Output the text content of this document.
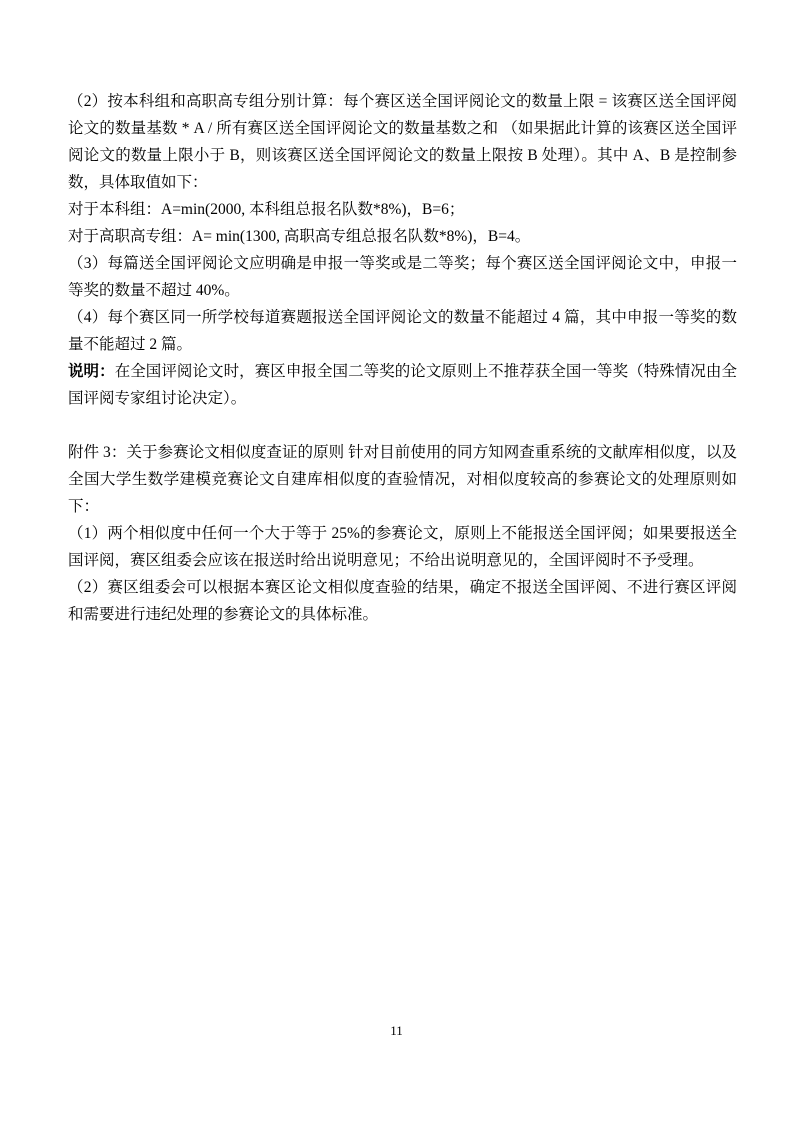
（2）按本科组和高职高专组分别计算：每个赛区送全国评阅论文的数量上限 = 该赛区送全国评阅论文的数量基数 * A / 所有赛区送全国评阅论文的数量基数之和 （如果据此计算的该赛区送全国评阅论文的数量上限小于 B，则该赛区送全国评阅论文的数量上限按 B 处理）。其中 A、B 是控制参数，具体取值如下：

对于本科组：A=min(2000, 本科组总报名队数*8%)，B=6；

对于高职高专组：A= min(1300, 高职高专组总报名队数*8%)，B=4。

（3）每篇送全国评阅论文应明确是申报一等奖或是二等奖；每个赛区送全国评阅论文中，申报一等奖的数量不超过 40%。

（4）每个赛区同一所学校每道赛题报送全国评阅论文的数量不能超过 4 篇，其中申报一等奖的数量不能超过 2 篇。

说明：在全国评阅论文时，赛区申报全国二等奖的论文原则上不推荐获全国一等奖（特殊情况由全国评阅专家组讨论决定）。

附件 3：关于参赛论文相似度查证的原则 针对目前使用的同方知网查重系统的文献库相似度，以及全国大学生数学建模竞赛论文自建库相似度的查验情况，对相似度较高的参赛论文的处理原则如下：

（1）两个相似度中任何一个大于等于 25%的参赛论文，原则上不能报送全国评阅；如果要报送全国评阅，赛区组委会应该在报送时给出说明意见；不给出说明意见的，全国评阅时不予受理。

（2）赛区组委会可以根据本赛区论文相似度查验的结果，确定不报送全国评阅、不进行赛区评阅和需要进行违纪处理的参赛论文的具体标准。

11
